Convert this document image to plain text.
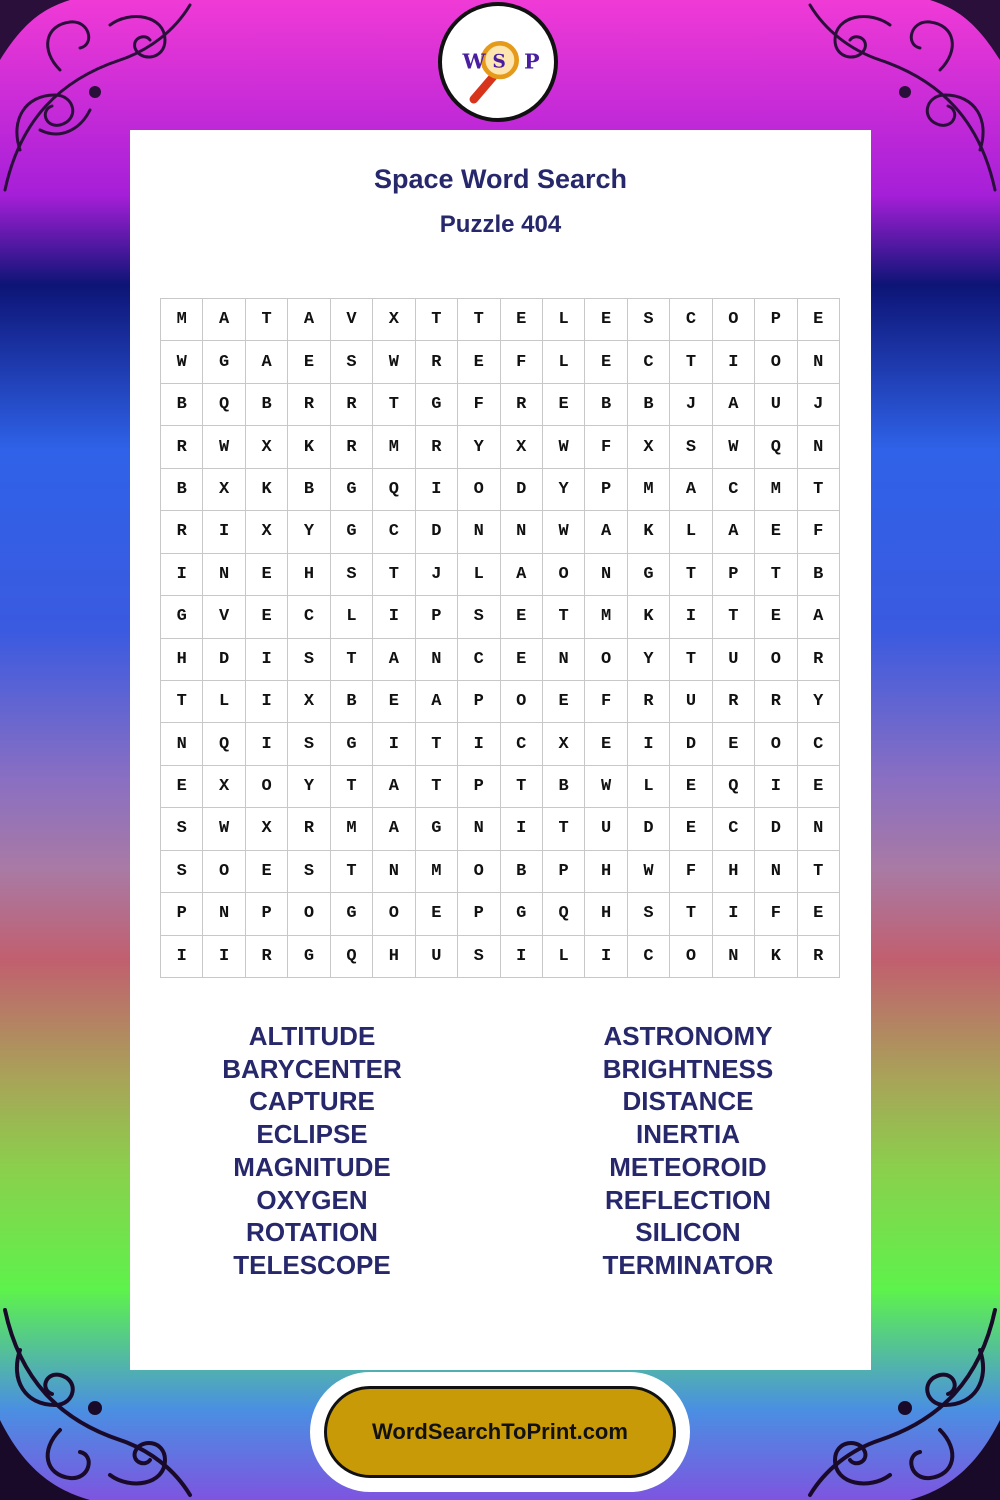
W S P
Space Word Search
Puzzle 404
M	A	T	A	V	X	T	T	E	L	E	S	C	O	P	E
W	G	A	E	S	W	R	E	F	L	E	C	T	I	O	N
B	Q	B	R	R	T	G	F	R	E	B	B	J	A	U	J
R	W	X	K	R	M	R	Y	X	W	F	X	S	W	Q	N
B	X	K	B	G	Q	I	O	D	Y	P	M	A	C	M	T
R	I	X	Y	G	C	D	N	N	W	A	K	L	A	E	F
I	N	E	H	S	T	J	L	A	O	N	G	T	P	T	B
G	V	E	C	L	I	P	S	E	T	M	K	I	T	E	A
H	D	I	S	T	A	N	C	E	N	O	Y	T	U	O	R
T	L	I	X	B	E	A	P	O	E	F	R	U	R	R	Y
N	Q	I	S	G	I	T	I	C	X	E	I	D	E	O	C
E	X	O	Y	T	A	T	P	T	B	W	L	E	Q	I	E
S	W	X	R	M	A	G	N	I	T	U	D	E	C	D	N
S	O	E	S	T	N	M	O	B	P	H	W	F	H	N	T
P	N	P	O	G	O	E	P	G	Q	H	S	T	I	F	E
I	I	R	G	Q	H	U	S	I	L	I	C	O	N	K	R
ALTITUDE
BARYCENTER
CAPTURE
ECLIPSE
MAGNITUDE
OXYGEN
ROTATION
TELESCOPE
ASTRONOMY
BRIGHTNESS
DISTANCE
INERTIA
METEOROID
REFLECTION
SILICON
TERMINATOR
WordSearchToPrint.com
